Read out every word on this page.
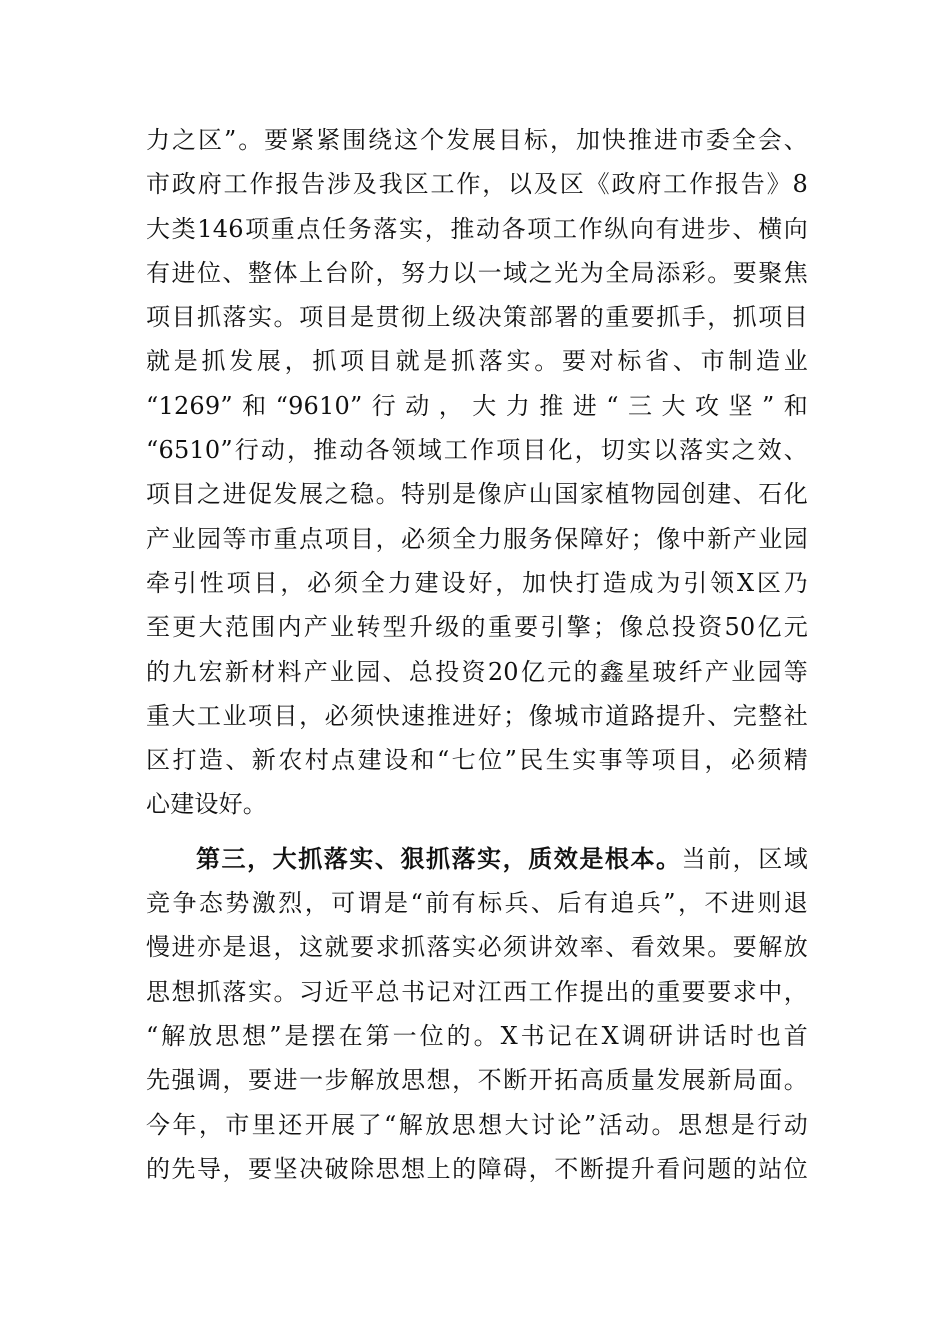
力之区”。要紧紧围绕这个发展目标，加快推进市委全会、
市政府工作报告涉及我区工作，以及区《政府工作报告》8
大类146项重点任务落实，推动各项工作纵向有进步、横向
有进位、整体上台阶，努力以一域之光为全局添彩。要聚焦
项目抓落实。项目是贯彻上级决策部署的重要抓手，抓项目
就是抓发展，抓项目就是抓落实。要对标省、市制造业
“1269”和“9610”行动，大力推进“三大攻坚”和
“6510”行动，推动各领域工作项目化，切实以落实之效、
项目之进促发展之稳。特别是像庐山国家植物园创建、石化
产业园等市重点项目，必须全力服务保障好；像中新产业园
牵引性项目，必须全力建设好，加快打造成为引领X区乃
至更大范围内产业转型升级的重要引擎；像总投资50亿元
的九宏新材料产业园、总投资20亿元的鑫星玻纤产业园等
重大工业项目，必须快速推进好；像城市道路提升、完整社
区打造、新农村点建设和“七位”民生实事等项目，必须精
心建设好。
第三，大抓落实、狠抓落实，质效是根本。当前，区域
竞争态势激烈，可谓是“前有标兵、后有追兵”，不进则退
慢进亦是退，这就要求抓落实必须讲效率、看效果。要解放
思想抓落实。习近平总书记对江西工作提出的重要要求中，
“解放思想”是摆在第一位的。X书记在X调研讲话时也首
先强调，要进一步解放思想，不断开拓高质量发展新局面。
今年，市里还开展了“解放思想大讨论”活动。思想是行动
的先导，要坚决破除思想上的障碍，不断提升看问题的站位
